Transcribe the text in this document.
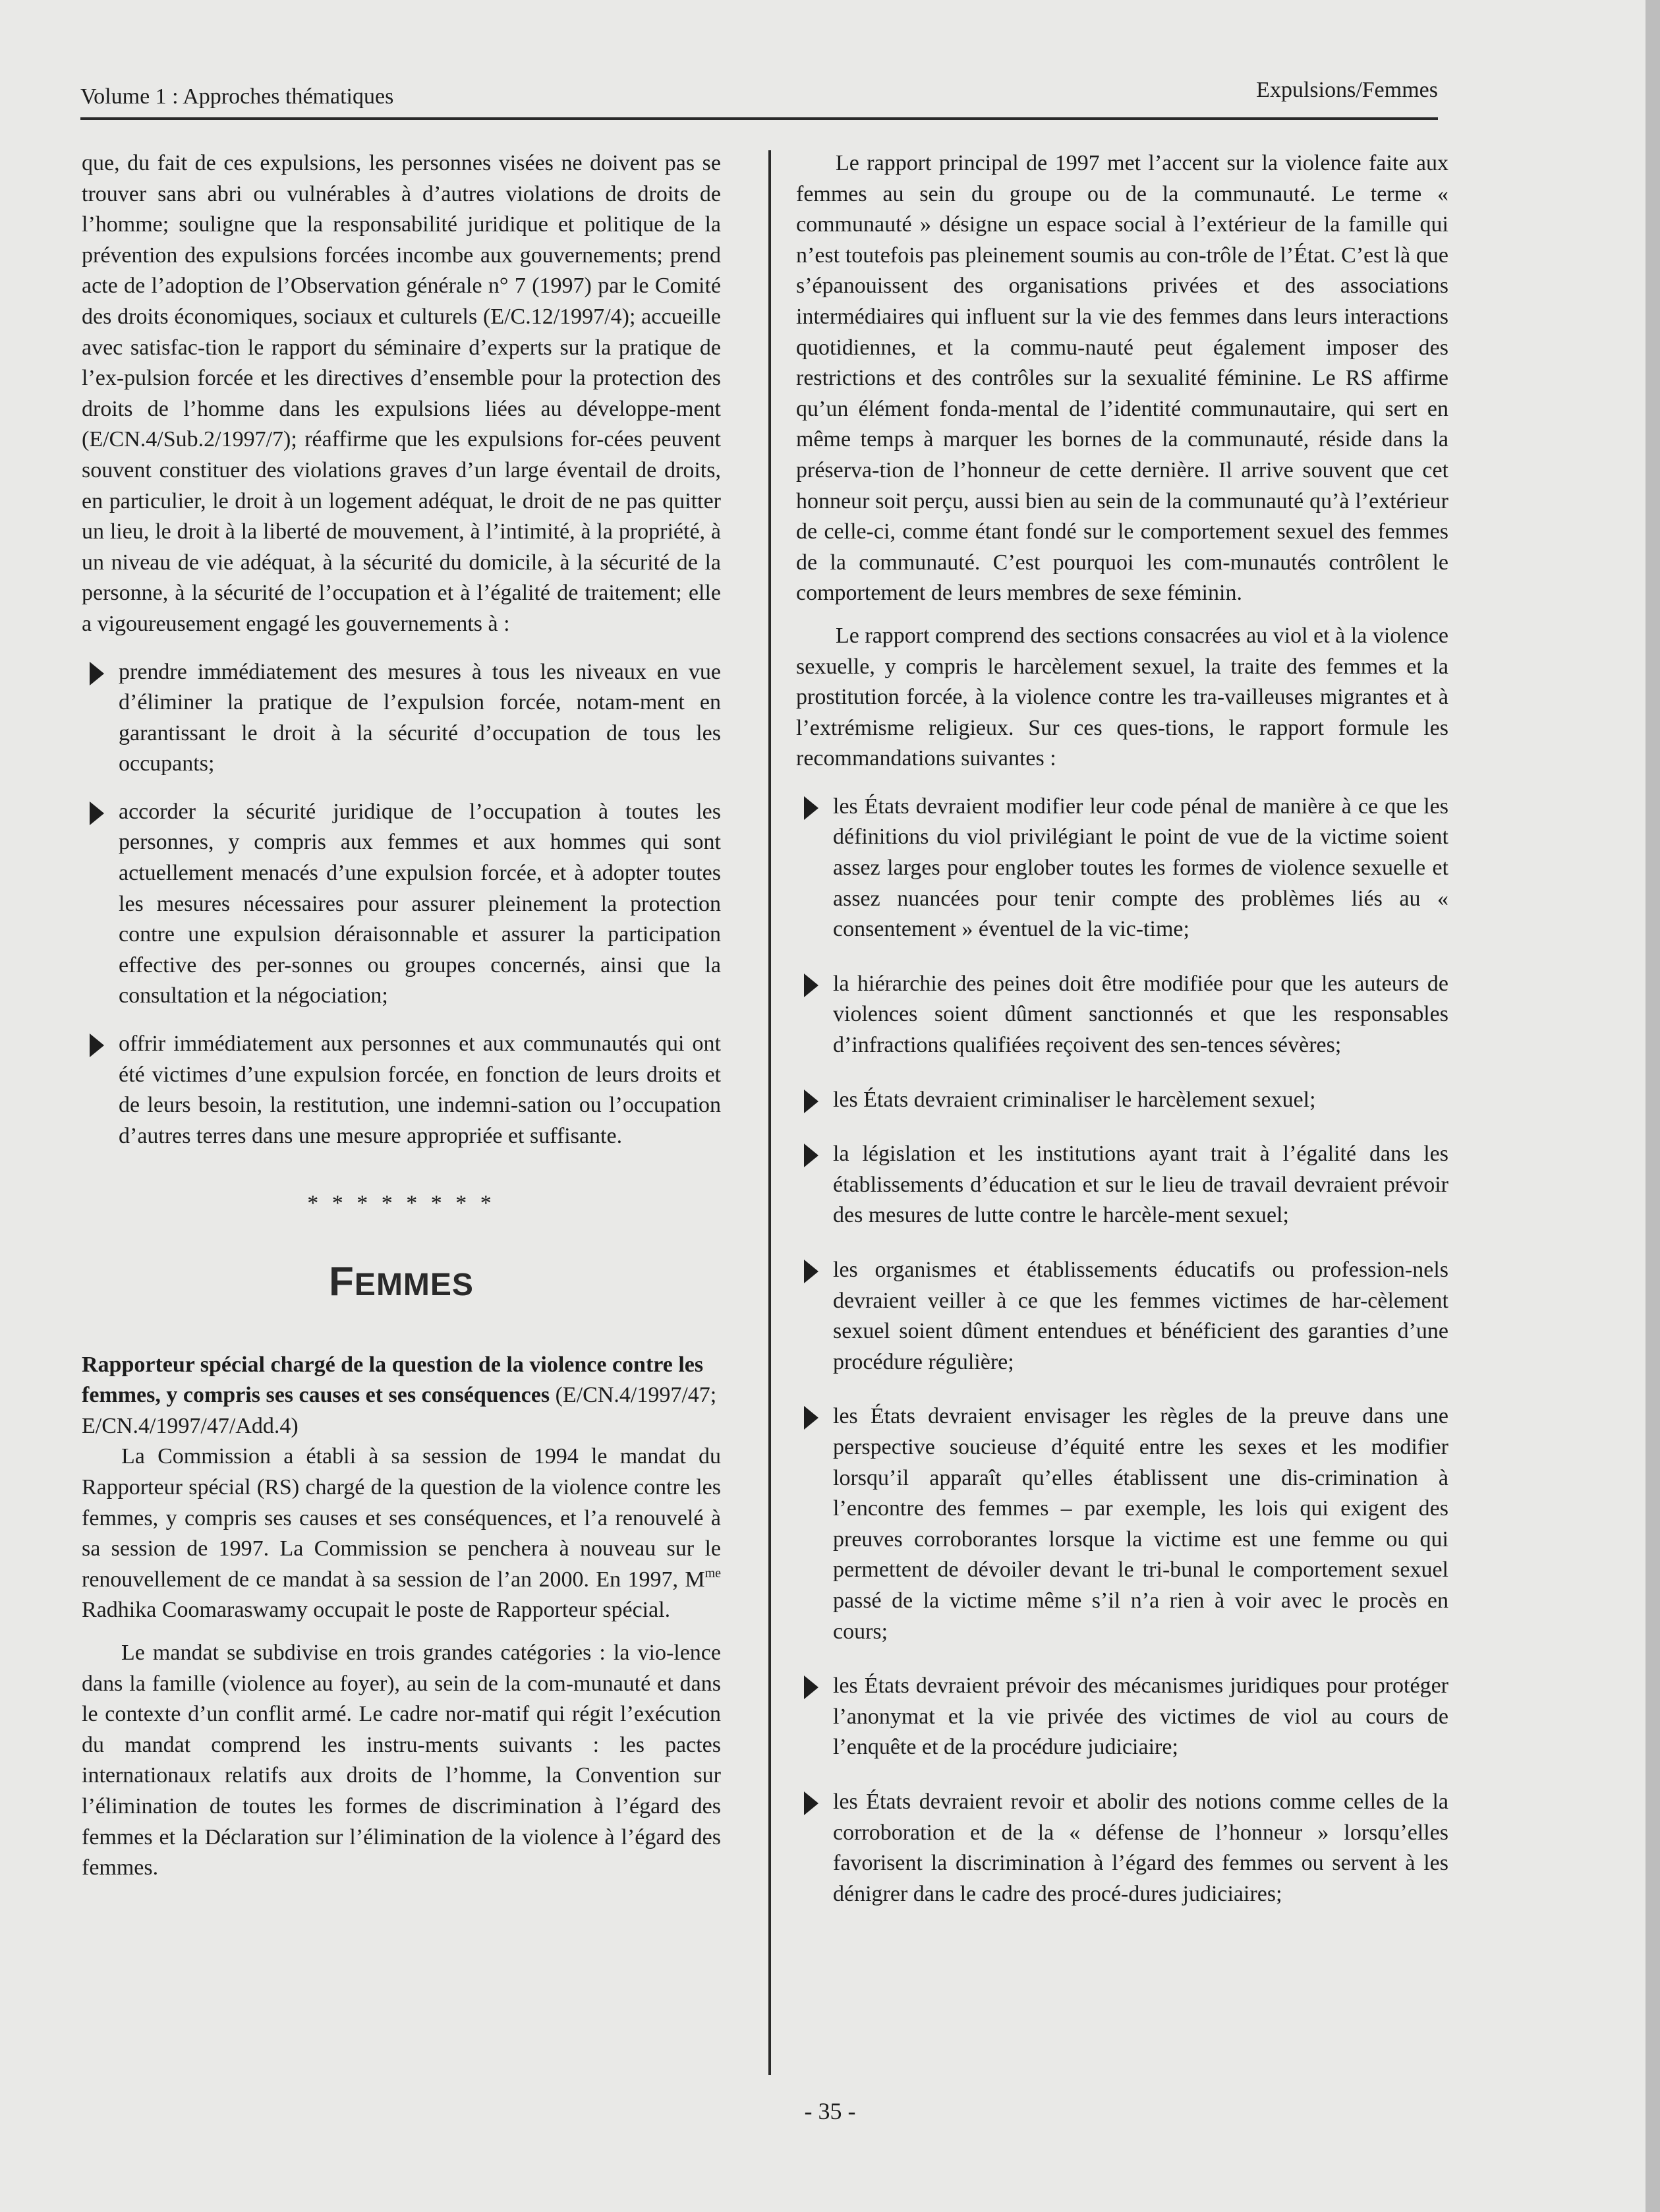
Volume 1 : Approches thématiques	Expulsions/Femmes

que, du fait de ces expulsions, les personnes visées ne doivent pas se trouver sans abri ou vulnérables à d’autres violations de droits de l’homme; souligne que la responsabilité juridique et politique de la prévention des expulsions forcées incombe aux gouvernements; prend acte de l’adoption de l’Observation générale n° 7 (1997) par le Comité des droits économiques, sociaux et culturels (E/C.12/1997/4); accueille avec satisfac-tion le rapport du séminaire d’experts sur la pratique de l’ex-pulsion forcée et les directives d’ensemble pour la protection des droits de l’homme dans les expulsions liées au développe-ment (E/CN.4/Sub.2/1997/7); réaffirme que les expulsions for-cées peuvent souvent constituer des violations graves d’un large éventail de droits, en particulier, le droit à un logement adéquat, le droit de ne pas quitter un lieu, le droit à la liberté de mouvement, à l’intimité, à la propriété, à un niveau de vie adéquat, à la sécurité du domicile, à la sécurité de la personne, à la sécurité de l’occupation et à l’égalité de traitement; elle a vigoureusement engagé les gouvernements à :

prendre immédiatement des mesures à tous les niveaux en vue d’éliminer la pratique de l’expulsion forcée, notam-ment en garantissant le droit à la sécurité d’occupation de tous les occupants;
accorder la sécurité juridique de l’occupation à toutes les personnes, y compris aux femmes et aux hommes qui sont actuellement menacés d’une expulsion forcée, et à adopter toutes les mesures nécessaires pour assurer pleinement la protection contre une expulsion déraisonnable et assurer la participation effective des per-sonnes ou groupes concernés, ainsi que la consultation et la négociation;
offrir immédiatement aux personnes et aux communautés qui ont été victimes d’une expulsion forcée, en fonction de leurs droits et de leurs besoin, la restitution, une indemni-sation ou l’occupation d’autres terres dans une mesure appropriée et suffisante.
* * * * * * * *
FEMMES

Rapporteur spécial chargé de la question de la violence contre les femmes, y compris ses causes et ses conséquences (E/CN.4/1997/47; E/CN.4/1997/47/Add.4)

La Commission a établi à sa session de 1994 le mandat du Rapporteur spécial (RS) chargé de la question de la violence contre les femmes, y compris ses causes et ses conséquences, et l’a renouvelé à sa session de 1997. La Commission se penchera à nouveau sur le renouvellement de ce mandat à sa session de l’an 2000. En 1997, $M^{me}$ Radhika Coomaraswamy occupait le poste de Rapporteur spécial.

Le mandat se subdivise en trois grandes catégories : la vio-lence dans la famille (violence au foyer), au sein de la com-munauté et dans le contexte d’un conflit armé. Le cadre nor-matif qui régit l’exécution du mandat comprend les instru-ments suivants : les pactes internationaux relatifs aux droits de l’homme, la Convention sur l’élimination de toutes les formes de discrimination à l’égard des femmes et la Déclaration sur l’élimination de la violence à l’égard des femmes.

Le rapport principal de 1997 met l’accent sur la violence faite aux femmes au sein du groupe ou de la communauté. Le terme « communauté » désigne un espace social à l’extérieur de la famille qui n’est toutefois pas pleinement soumis au con-trôle de l’État. C’est là que s’épanouissent des organisations privées et des associations intermédiaires qui influent sur la vie des femmes dans leurs interactions quotidiennes, et la commu-nauté peut également imposer des restrictions et des contrôles sur la sexualité féminine. Le RS affirme qu’un élément fonda-mental de l’identité communautaire, qui sert en même temps à marquer les bornes de la communauté, réside dans la préserva-tion de l’honneur de cette dernière. Il arrive souvent que cet honneur soit perçu, aussi bien au sein de la communauté qu’à l’extérieur de celle-ci, comme étant fondé sur le comportement sexuel des femmes de la communauté. C’est pourquoi les com-munautés contrôlent le comportement de leurs membres de sexe féminin.

Le rapport comprend des sections consacrées au viol et à la violence sexuelle, y compris le harcèlement sexuel, la traite des femmes et la prostitution forcée, à la violence contre les tra-vailleuses migrantes et à l’extrémisme religieux. Sur ces ques-tions, le rapport formule les recommandations suivantes :

les États devraient modifier leur code pénal de manière à ce que les définitions du viol privilégiant le point de vue de la victime soient assez larges pour englober toutes les formes de violence sexuelle et assez nuancées pour tenir compte des problèmes liés au « consentement » éventuel de la vic-time;
la hiérarchie des peines doit être modifiée pour que les auteurs de violences soient dûment sanctionnés et que les responsables d’infractions qualifiées reçoivent des sen-tences sévères;
les États devraient criminaliser le harcèlement sexuel;
la législation et les institutions ayant trait à l’égalité dans les établissements d’éducation et sur le lieu de travail devraient prévoir des mesures de lutte contre le harcèle-ment sexuel;
les organismes et établissements éducatifs ou profession-nels devraient veiller à ce que les femmes victimes de har-cèlement sexuel soient dûment entendues et bénéficient des garanties d’une procédure régulière;
les États devraient envisager les règles de la preuve dans une perspective soucieuse d’équité entre les sexes et les modifier lorsqu’il apparaît qu’elles établissent une dis-crimination à l’encontre des femmes – par exemple, les lois qui exigent des preuves corroborantes lorsque la victime est une femme ou qui permettent de dévoiler devant le tri-bunal le comportement sexuel passé de la victime même s’il n’a rien à voir avec le procès en cours;
les États devraient prévoir des mécanismes juridiques pour protéger l’anonymat et la vie privée des victimes de viol au cours de l’enquête et de la procédure judiciaire;
les États devraient revoir et abolir des notions comme celles de la corroboration et de la « défense de l’honneur » lorsqu’elles favorisent la discrimination à l’égard des femmes ou servent à les dénigrer dans le cadre des procé-dures judiciaires;
- 35 -
